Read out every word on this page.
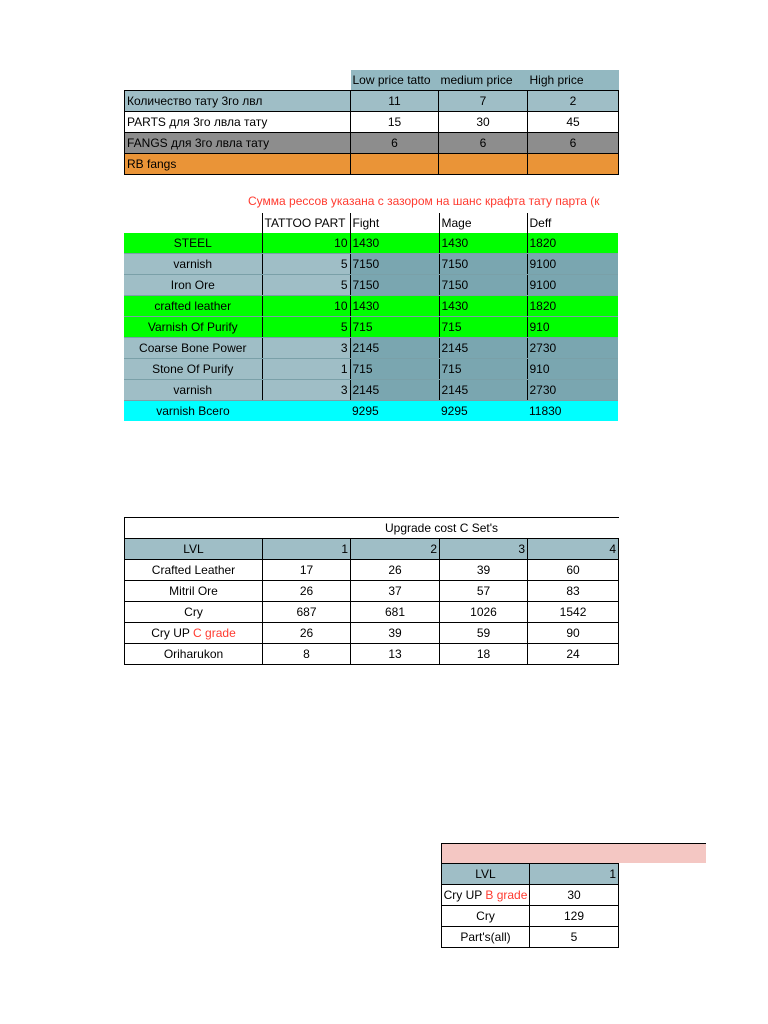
	Low price tatto	medium price	High price
Количество тату 3го лвл	11	7	2
PARTS для 3го лвла тату	15	30	45
FANGS для 3го лвла тату	6	6	6
RB fangs			
Сумма рессов указана с зазором на шанс крафта тату парта (к
	TATTOO PART	Fight	Mage	Deff
STEEL	10	1430	1430	1820
varnish	5	7150	7150	9100
Iron Ore	5	7150	7150	9100
crafted leather	10	1430	1430	1820
Varnish Of Purify	5	715	715	910
Coarse Bone Power	3	2145	2145	2730
Stone Of Purify	1	715	715	910
varnish	3	2145	2145	2730
varnish Всего		9295	9295	11830
Upgrade cost C Set's				
LVL	1	2	3	4
Crafted Leather	17	26	39	60
Mitril Ore	26	37	57	83
Cry	687	681	1026	1542
Cry UP C grade	26	39	59	90
Oriharukon	8	13	18	24
LVL	1
Cry UP B grade	30
Cry	129
Part's(all)	5
